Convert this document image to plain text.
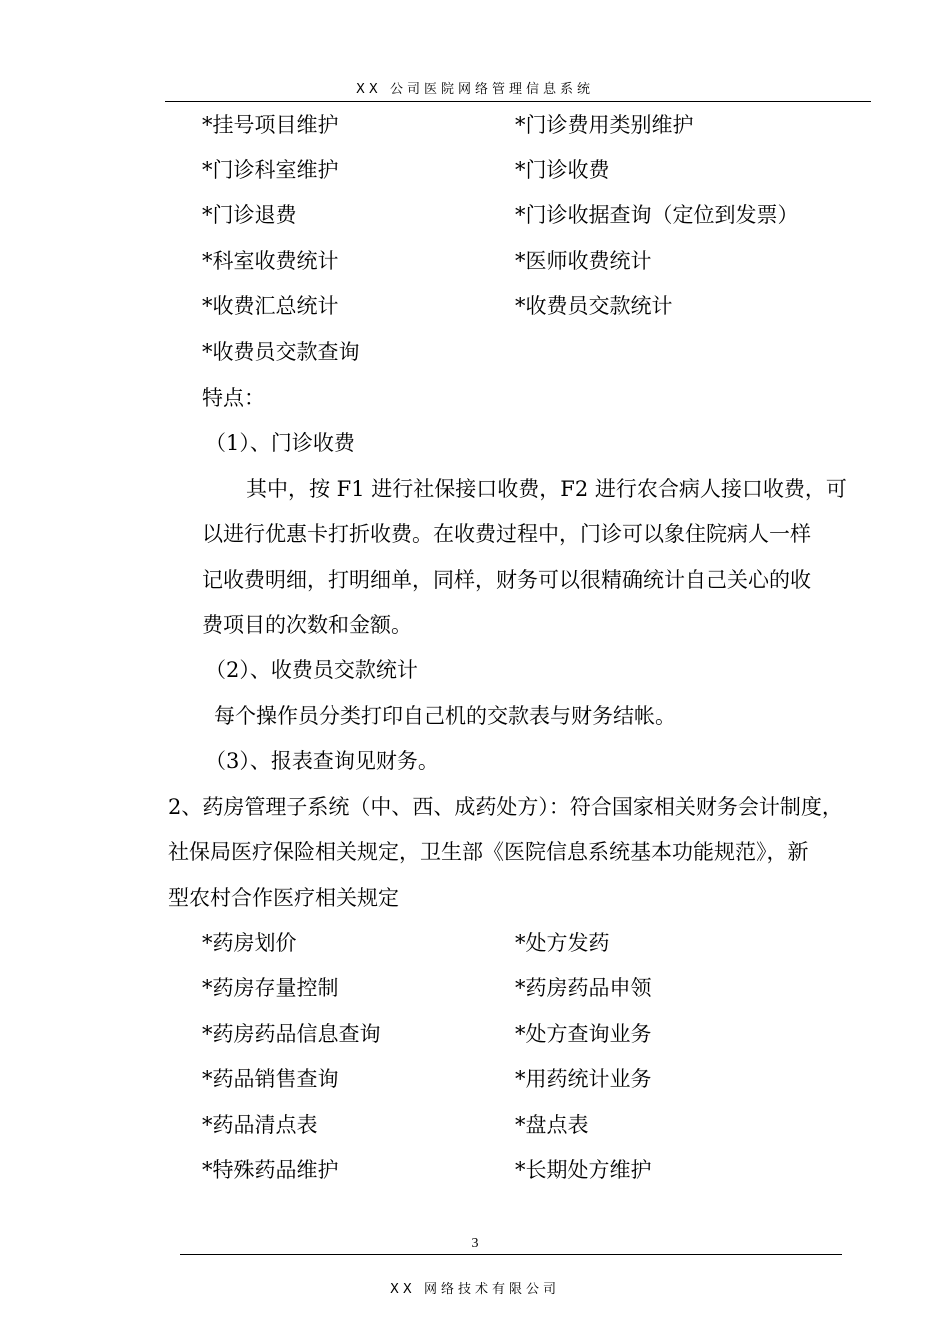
XX 公司医院网络管理信息系统
*挂号项目维护	*门诊费用类别维护
*门诊科室维护	*门诊收费
*门诊退费	*门诊收据查询（定位到发票）
*科室收费统计	*医师收费统计
*收费汇总统计	*收费员交款统计
*收费员交款查询
特点：
（1）、门诊收费
其中，按 F1 进行社保接口收费，F2 进行农合病人接口收费，可
以进行优惠卡打折收费。在收费过程中，门诊可以象住院病人一样
记收费明细，打明细单，同样，财务可以很精确统计自己关心的收
费项目的次数和金额。
（2）、收费员交款统计
每个操作员分类打印自己机的交款表与财务结帐。
（3）、报表查询见财务。
2、药房管理子系统（中、西、成药处方）：符合国家相关财务会计制度，
社保局医疗保险相关规定，卫生部《医院信息系统基本功能规范》，新
型农村合作医疗相关规定
*药房划价	*处方发药
*药房存量控制	*药房药品申领
*药房药品信息查询	*处方查询业务
*药品销售查询	*用药统计业务
*药品清点表	*盘点表
*特殊药品维护	*长期处方维护
3
XX 网络技术有限公司
